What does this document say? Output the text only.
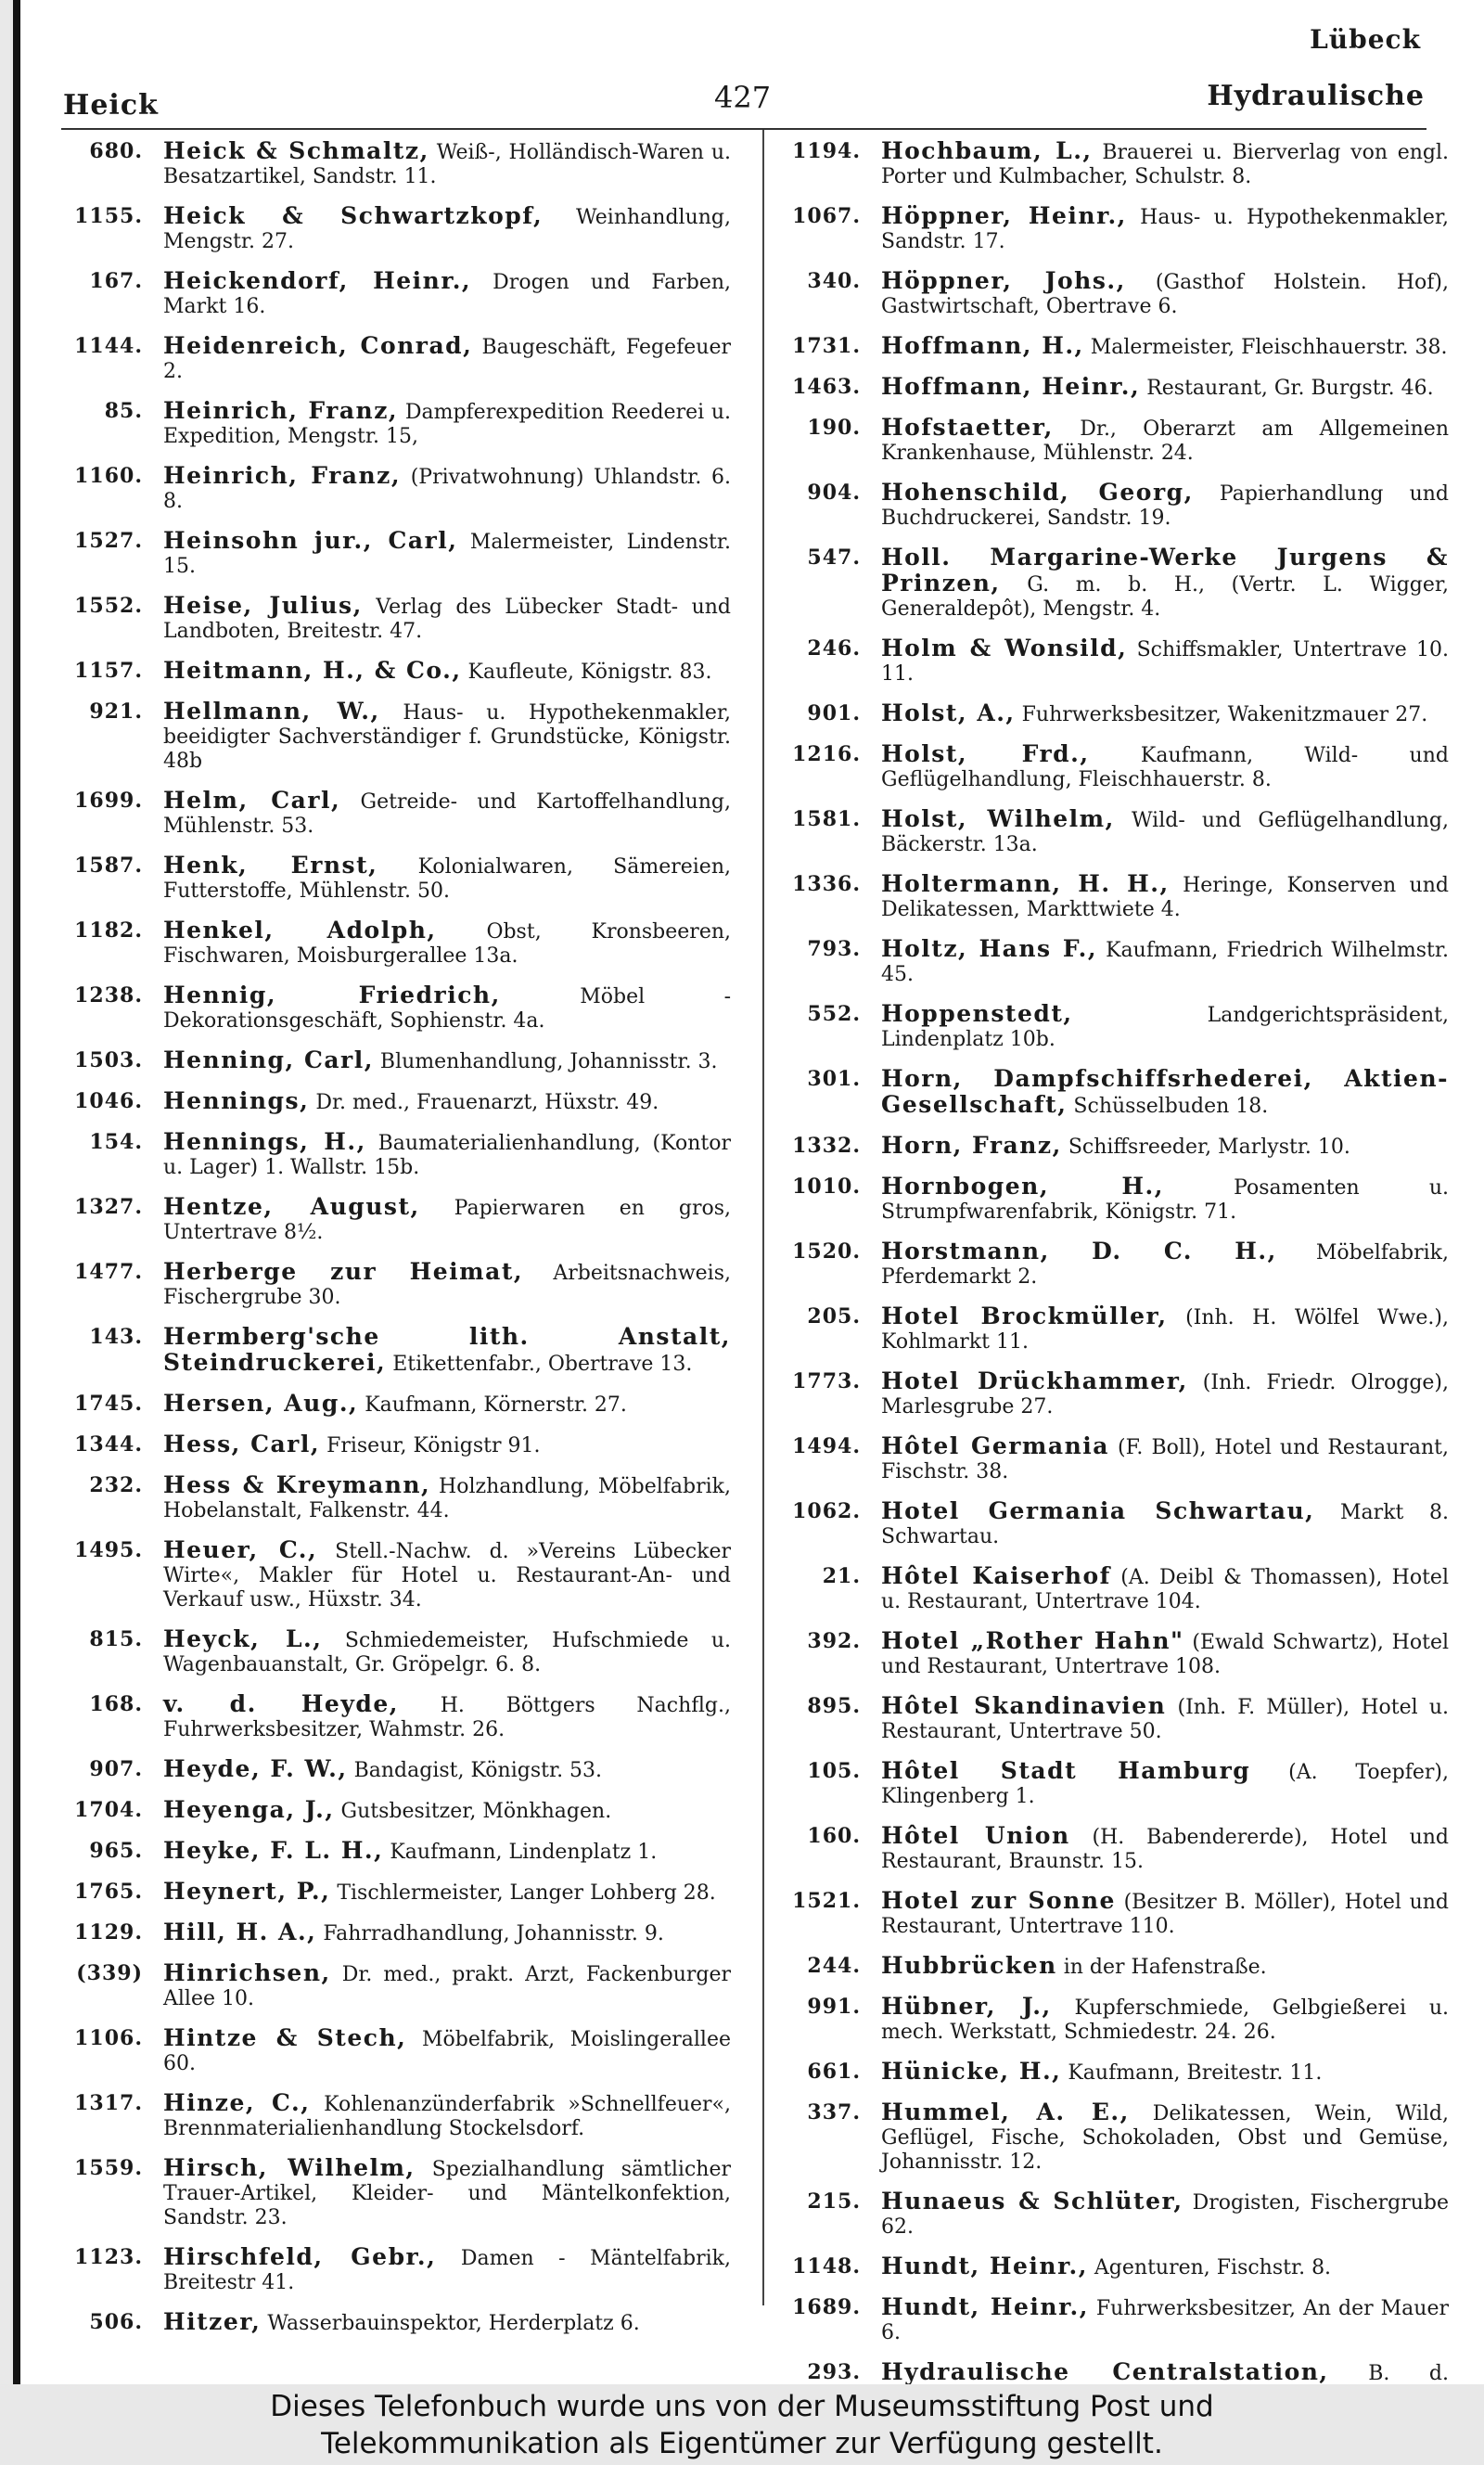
Lübeck
Heick	427	Hydraulische
680. Heick & Schmaltz, Weiß-, Holländisch-Waren u. Besatzartikel, Sandstr. 11.
1155. Heick & Schwartzkopf, Weinhandlung, Mengstr. 27.
167. Heickendorf, Heinr., Drogen und Farben, Markt 16.
1144. Heidenreich, Conrad, Baugeschäft, Fegefeuer 2.
85. Heinrich, Franz, Dampferexpedition Reederei u. Expedition, Mengstr. 15,
1160. Heinrich, Franz, (Privatwohnung) Uhlandstr. 6. 8.
1527. Heinsohn jur., Carl, Malermeister, Lindenstr. 15.
1552. Heise, Julius, Verlag des Lübecker Stadt- und Landboten, Breitestr. 47.
1157. Heitmann, H., & Co., Kaufleute, Königstr. 83.
921. Hellmann, W., Haus- u. Hypothekenmakler, beeidigter Sachverständiger f. Grundstücke, Königstr. 48b
1699. Helm, Carl, Getreide- und Kartoffelhandlung, Mühlenstr. 53.
1587. Henk, Ernst, Kolonialwaren, Sämereien, Futterstoffe, Mühlenstr. 50.
1182. Henkel, Adolph, Obst, Kronsbeeren, Fischwaren, Moisburgerallee 13a.
1238. Hennig, Friedrich,	Möbel - Dekorationsgeschäft, Sophienstr. 4a.
1503. Henning, Carl, Blumenhandlung, Johannisstr. 3.
1046. Hennings, Dr. med., Frauenarzt, Hüxstr. 49.
154. Hennings, H., Baumaterialienhandlung, (Kontor u. Lager) 1. Wallstr. 15b.
1327. Hentze, August, Papierwaren en gros, Untertrave 8½.
1477. Herberge zur Heimat, Arbeitsnachweis, Fischergrube 30.
143. Hermberg'sche lith. Anstalt, Steindruckerei, Etikettenfabr., Obertrave 13.
1745. Hersen, Aug., Kaufmann, Körnerstr. 27.
1344. Hess, Carl, Friseur, Königstr 91.
232. Hess & Kreymann, Holzhandlung, Möbelfabrik, Hobelanstalt, Falkenstr. 44.
1495. Heuer, C., Stell.-Nachw. d. »Vereins Lübecker Wirte«, Makler für Hotel u. Restaurant-An- und Verkauf usw., Hüxstr. 34.
815. Heyck, L., Schmiedemeister, Hufschmiede u. Wagenbauanstalt, Gr. Gröpelgr. 6. 8.
168. v. d. Heyde, H. Böttgers Nachflg., Fuhrwerksbesitzer, Wahmstr. 26.
907. Heyde, F. W., Bandagist, Königstr. 53.
1704. Heyenga, J., Gutsbesitzer, Mönkhagen.
965. Heyke, F. L. H., Kaufmann, Lindenplatz 1.
1765. Heynert, P., Tischlermeister, Langer Lohberg 28.
1129. Hill, H. A., Fahrradhandlung, Johannisstr. 9.
(339) Hinrichsen, Dr. med., prakt. Arzt, Fackenburger Allee 10.
1106. Hintze & Stech, Möbelfabrik, Moislingerallee 60.
1317. Hinze, C., Kohlenanzünderfabrik »Schnellfeuer«, Brennmaterialienhandlung Stockelsdorf.
1559. Hirsch, Wilhelm, Spezialhandlung sämtlicher Trauer-Artikel, Kleider- und Mäntelkonfektion, Sandstr. 23.
1123. Hirschfeld, Gebr., Damen - Mäntelfabrik, Breitestr 41.
506. Hitzer, Wasserbauinspektor, Herderplatz 6.
1194. Hochbaum, L., Brauerei u. Bierverlag von engl. Porter und Kulmbacher, Schulstr. 8.
1067. Höppner, Heinr., Haus- u. Hypothekenmakler, Sandstr. 17.
340. Höppner, Johs., (Gasthof Holstein. Hof), Gastwirtschaft, Obertrave 6.
1731. Hoffmann, H., Malermeister, Fleischhauerstr. 38.
1463. Hoffmann, Heinr., Restaurant, Gr. Burgstr. 46.
190. Hofstaetter, Dr., Oberarzt am Allgemeinen Krankenhause, Mühlenstr. 24.
904. Hohenschild, Georg, Papierhandlung und Buchdruckerei, Sandstr. 19.
547. Holl. Margarine-Werke Jurgens & Prinzen, G. m. b. H., (Vertr. L. Wigger, Generaldepôt), Mengstr. 4.
246. Holm & Wonsild, Schiffsmakler, Untertrave 10. 11.
901. Holst, A., Fuhrwerksbesitzer, Wakenitzmauer 27.
1216. Holst, Frd.,	Kaufmann, Wild- und Geflügelhandlung, Fleischhauerstr. 8.
1581. Holst, Wilhelm, Wild- und Geflügelhandlung, Bäckerstr. 13a.
1336. Holtermann, H. H., Heringe, Konserven und Delikatessen, Markttwiete 4.
793. Holtz, Hans F., Kaufmann, Friedrich Wilhelmstr. 45.
552. Hoppenstedt,	Landgerichtspräsident, Lindenplatz 10b.
301. Horn, Dampfschiffsrhederei, Aktien-Gesellschaft, Schüsselbuden 18.
1332. Horn, Franz, Schiffsreeder, Marlystr. 10.
1010. Hornbogen, H.,	Posamenten u. Strumpfwarenfabrik, Königstr. 71.
1520. Horstmann, D. C. H., Möbelfabrik, Pferdemarkt 2.
205. Hotel Brockmüller, (Inh. H. Wölfel Wwe.), Kohlmarkt 11.
1773. Hotel Drückhammer, (Inh. Friedr. Olrogge), Marlesgrube 27.
1494. Hôtel Germania (F. Boll), Hotel und Restaurant, Fischstr. 38.
1062. Hotel Germania Schwartau, Markt 8. Schwartau.
21. Hôtel Kaiserhof (A. Deibl & Thomassen), Hotel u. Restaurant, Untertrave 104.
392. Hotel „Rother Hahn" (Ewald Schwartz), Hotel und Restaurant, Untertrave 108.
895. Hôtel Skandinavien (Inh. F. Müller), Hotel u. Restaurant, Untertrave 50.
105. Hôtel Stadt Hamburg (A. Toepfer), Klingenberg 1.
160. Hôtel Union (H. Babendererde), Hotel und Restaurant, Braunstr. 15.
1521. Hotel zur Sonne (Besitzer B. Möller), Hotel und Restaurant, Untertrave 110.
244. Hubbrücken in der Hafenstraße.
991. Hübner, J., Kupferschmiede, Gelbgießerei u. mech. Werkstatt, Schmiedestr. 24. 26.
661. Hünicke, H., Kaufmann, Breitestr. 11.
337. Hummel, A. E., Delikatessen, Wein, Wild, Geflügel, Fische, Schokoladen, Obst und Gemüse, Johannisstr. 12.
215. Hunaeus & Schlüter, Drogisten, Fischergrube 62.
1148. Hundt, Heinr., Agenturen, Fischstr. 8.
1689. Hundt, Heinr., Fuhrwerksbesitzer, An der Mauer 6.
293. Hydraulische Centralstation, B. d.
Dieses Telefonbuch wurde uns von der Museumsstiftung Post und
Telekommunikation als Eigentümer zur Verfügung gestellt.
